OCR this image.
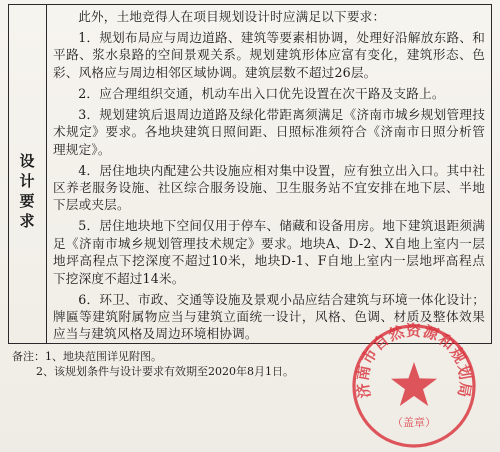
设
计
要
求

此外，土地竞得人在项目规划设计时应满足以下要求：

1．规划布局应与周边道路、建筑等要素相协调，处理好沿解放东路、和平路、浆水泉路的空间景观关系。规划建筑形体应富有变化，建筑形态、色彩、风格应与周边相邻区域协调。建筑层数不超过26层。

2．应合理组织交通，机动车出入口优先设置在次干路及支路上。

3．规划建筑后退周边道路及绿化带距离须满足《济南市城乡规划管理技术规定》要求。各地块建筑日照间距、日照标准须符合《济南市日照分析管理规定》。

4．居住地块内配建公共设施应相对集中设置，应有独立出入口。其中社区养老服务设施、社区综合服务设施、卫生服务站不宜安排在地下层、半地下层或夹层。

5．居住地块地下空间仅用于停车、储藏和设备用房。地下建筑退距须满足《济南市城乡规划管理技术规定》要求。地块A、D-2、X自地上室内一层地坪高程点下挖深度不超过10米，地块D-1、F自地上室内一层地坪高程点下挖深度不超过14米。

6．环卫、市政、交通等设施及景观小品应结合建筑与环境一体化设计；牌匾等建筑附属物应当与建筑立面统一设计，风格、色调、材质及整体效果应当与建筑风格及周边环境相协调。

备注：1、地块范围详见附图。

2、该规划条件与设计要求有效期至2020年8月1日。

济南市自然资源和规划局
（盖章）
